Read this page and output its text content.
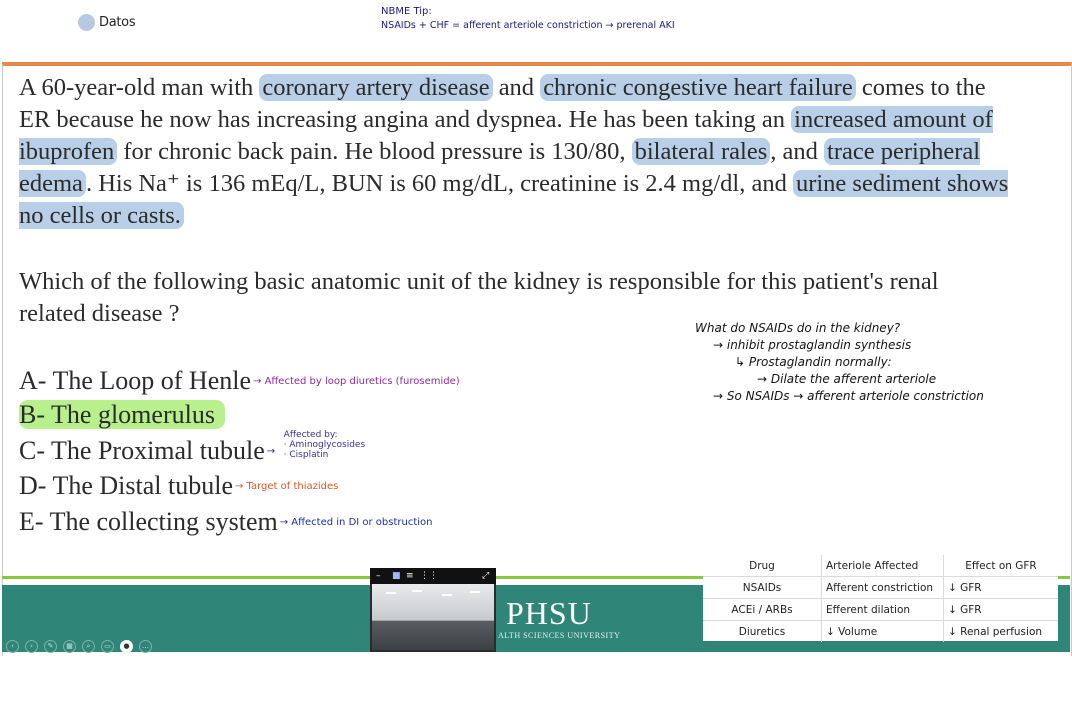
Datos
NBME Tip:
NSAIDs + CHF = afferent arteriole constriction → prerenal AKI
A 60-year-old man with coronary artery disease and chronic congestive heart failure comes to the ER because he now has increasing angina and dyspnea. He has been taking an increased amount of ibuprofen for chronic back pain. He blood pressure is 130/80, bilateral rales , and trace peripheral edema . His Na⁺ is 136 mEq/L, BUN is 60 mg/dL, creatinine is 2.4 mg/dl, and urine sediment shows no cells or casts.
Which of the following basic anatomic unit of the kidney is responsible for this patient's renal related disease ?
A- The Loop of Henle → Affected by loop diuretics (furosemide)
B- The glomerulus
C- The Proximal tubule → Affected by:
· Aminoglycosides
· Cisplatin
D- The Distal tubule → Target of thiazides
E- The collecting system → Affected in DI or obstruction
What do NSAIDs do in the kidney?
→ inhibit prostaglandin synthesis
↳ Prostaglandin normally:
→ Dilate the afferent arteriole
→ So NSAIDs → afferent arteriole constriction
PHSU
ALTH SCIENCES UNIVERSITY
‹	›	✎	▦	⌕	▭	●	…
– ■ ≡ ⋮⋮	⤢
Drug	Arteriole Affected	Effect on GFR
NSAIDs	Afferent constriction	↓ GFR
ACEi / ARBs	Efferent dilation	↓ GFR
Diuretics	↓ Volume	↓ Renal perfusion
